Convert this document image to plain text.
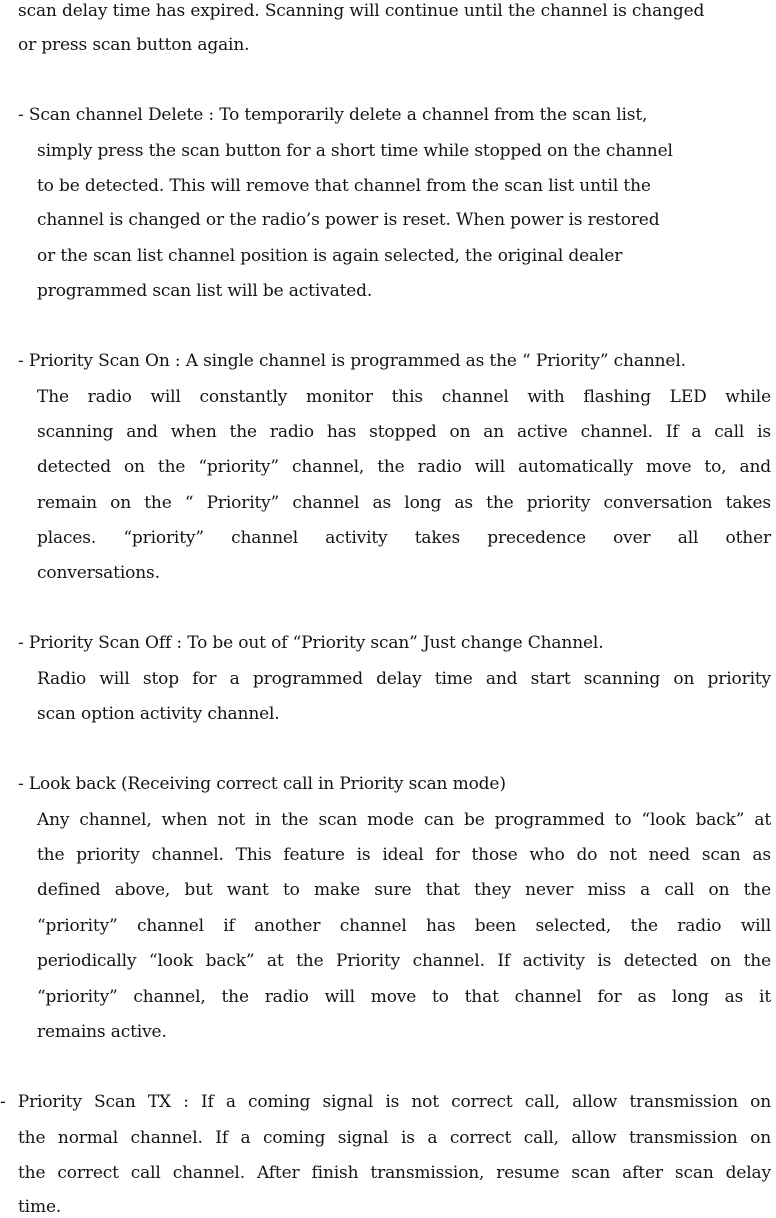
scan delay time has expired. Scanning will continue until the channel is changed
or press scan button again.
- Scan channel Delete : To temporarily delete a channel from the scan list,
simply press the scan button for a short time while stopped on the channel
to be detected. This will remove that channel from the scan list until the
channel is changed or the radio’s power is reset. When power is restored
or the scan list channel position is again selected, the original dealer
programmed scan list will be activated.
- Priority Scan On : A single channel is programmed as the “ Priority” channel.
The radio will constantly monitor this channel with flashing LED while
scanning and when the radio has stopped on an active channel. If a call is
detected on the “priority” channel, the radio will automatically move to, and
remain on the “ Priority” channel as long as the priority conversation takes
places. “priority” channel activity takes precedence over all other
conversations.
- Priority Scan Off : To be out of “Priority scan” Just change Channel.
Radio will stop for a programmed delay time and start scanning on priority
scan option activity channel.
- Look back (Receiving correct call in Priority scan mode)
Any channel, when not in the scan mode can be programmed to “look back” at
the priority channel. This feature is ideal for those who do not need scan as
defined above, but want to make sure that they never miss a call on the
“priority” channel if another channel has been selected, the radio will
periodically “look back” at the Priority channel. If activity is detected on the
“priority” channel, the radio will move to that channel for as long as it
remains active.
- Priority Scan TX : If a coming signal is not correct call, allow transmission on
the normal channel. If a coming signal is a correct call, allow transmission on
the correct call channel. After finish transmission, resume scan after scan delay
time.
